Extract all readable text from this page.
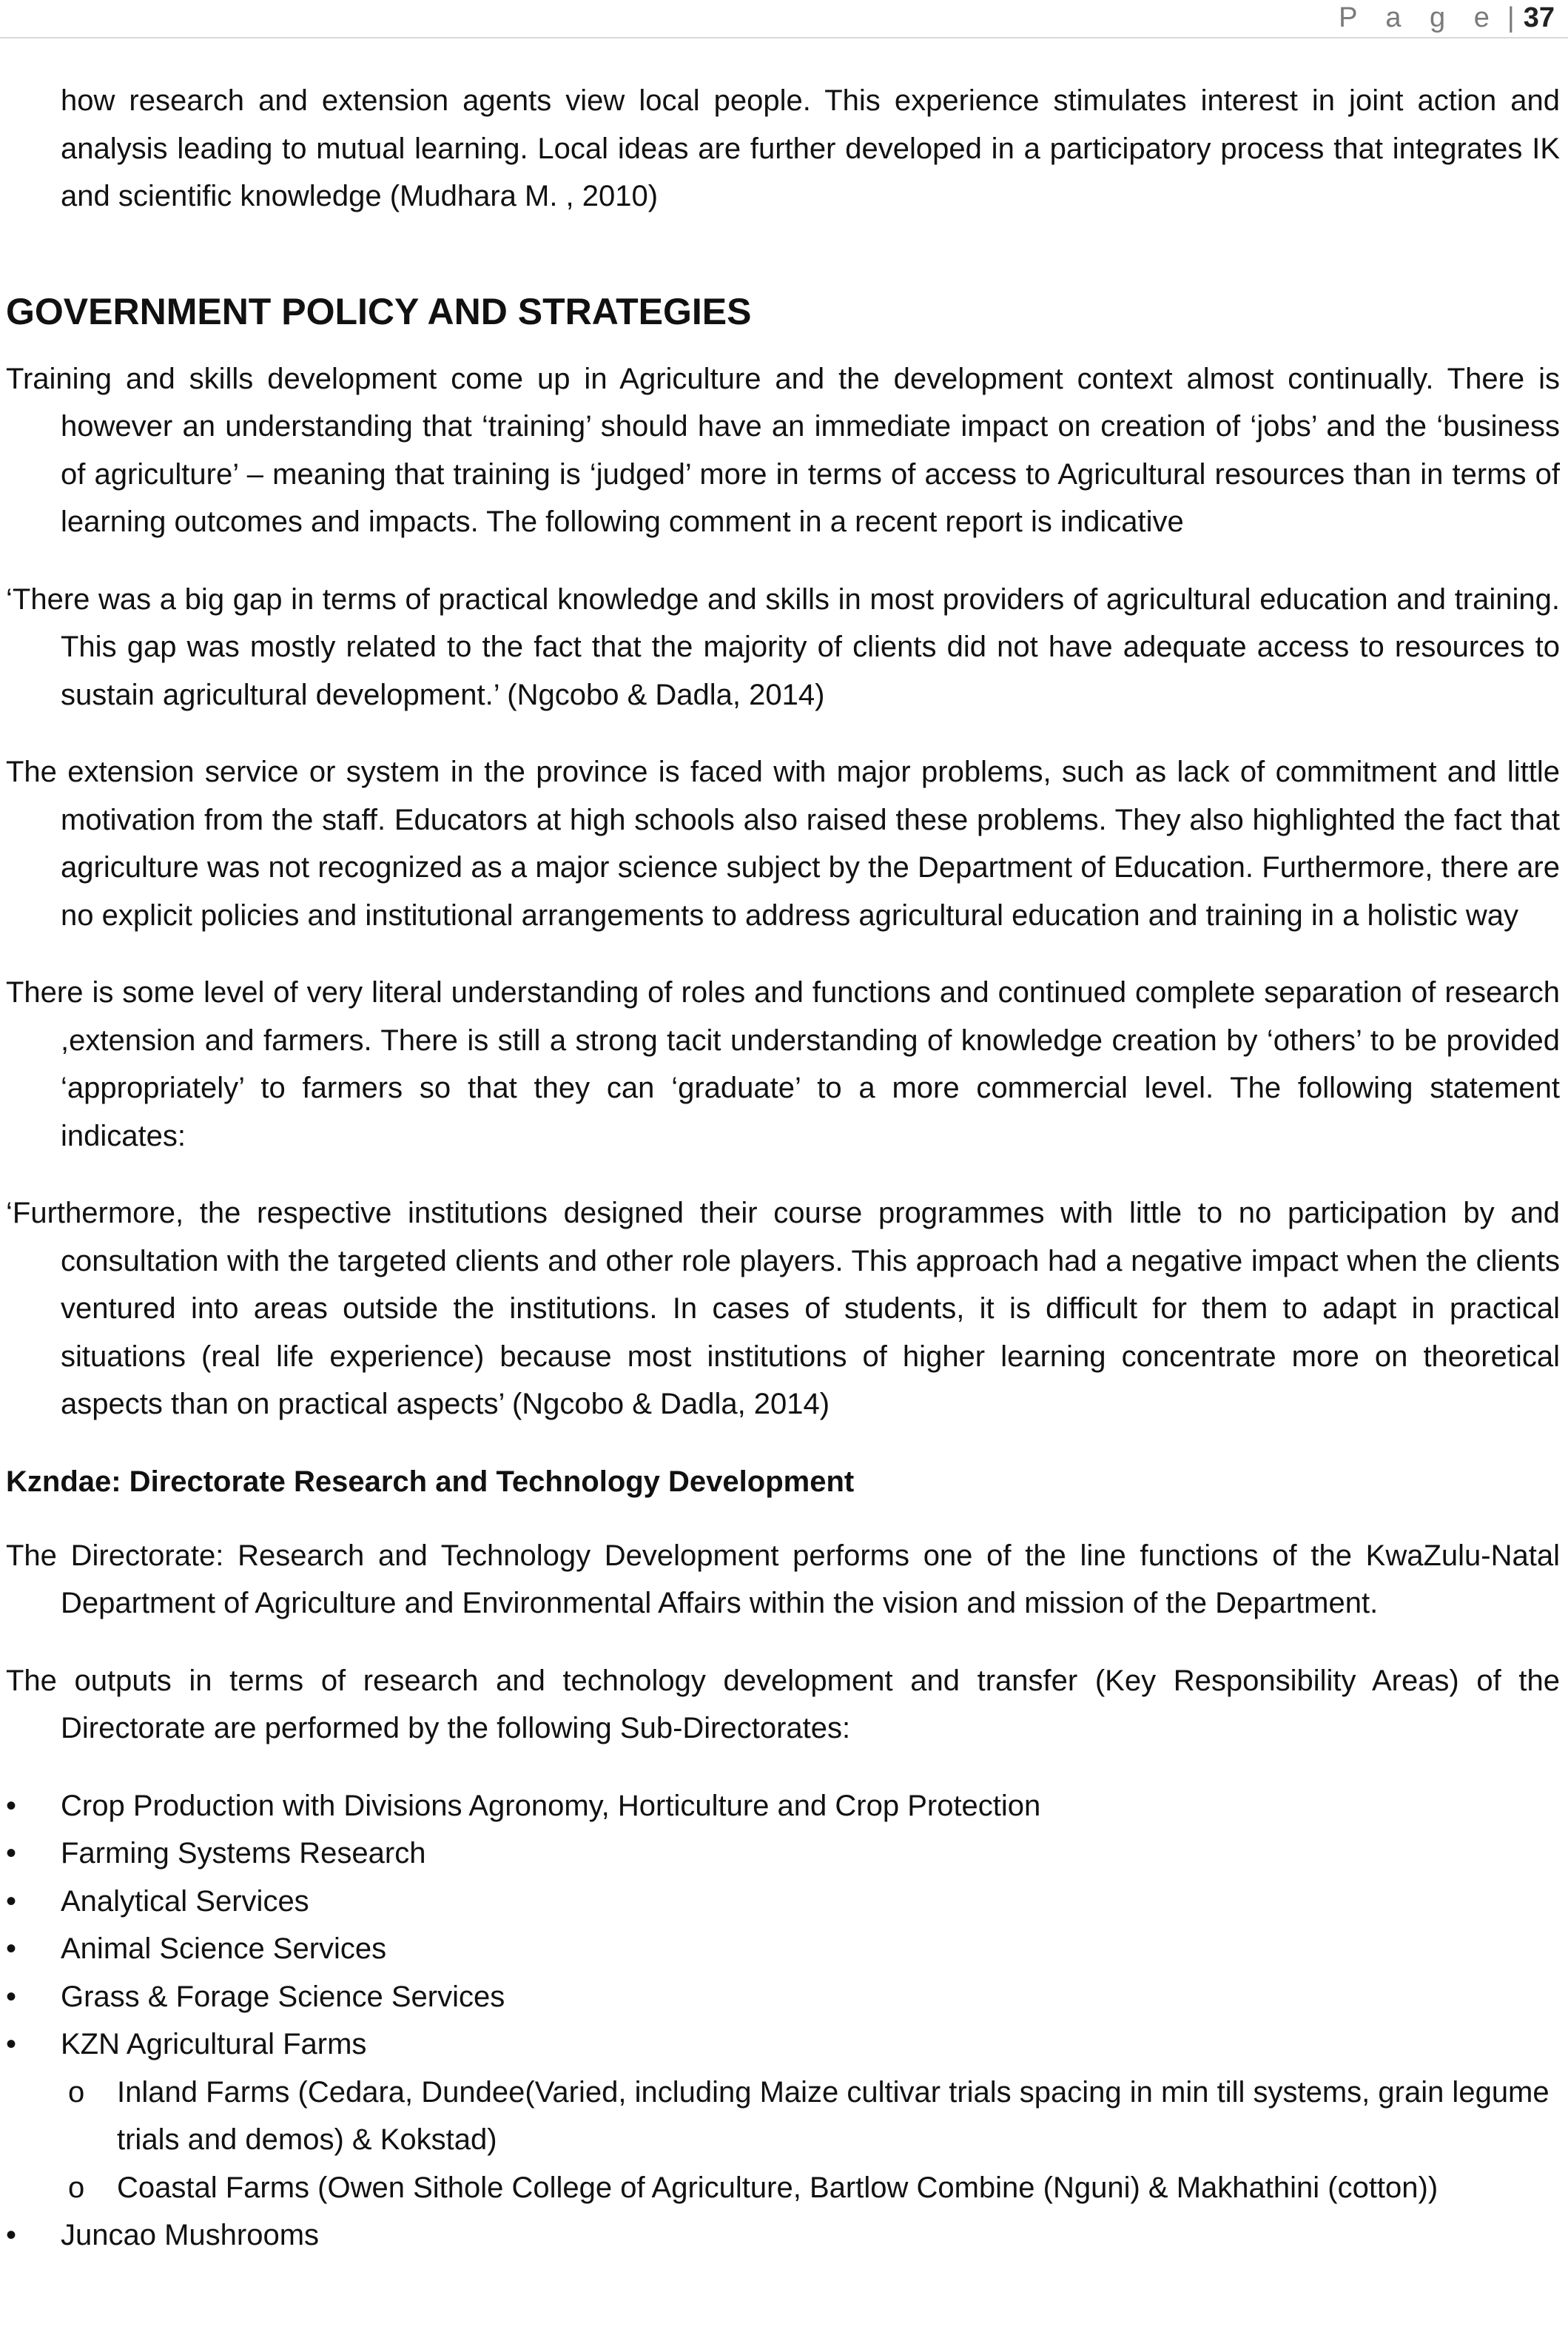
P a g e | 37

how research and extension agents view local people. This experience stimulates interest in joint action and analysis leading to mutual learning. Local ideas are further developed in a participatory process that integrates IK and scientific knowledge (Mudhara M. , 2010)

GOVERNMENT POLICY AND STRATEGIES

Training and skills development come up in Agriculture and the development context almost continually. There is however an understanding that ‘training’ should have an immediate impact on creation of ‘jobs’ and the ‘business of agriculture’ – meaning that training is ‘judged’ more in terms of access to Agricultural resources than in terms of learning outcomes and impacts. The following comment in a recent report is indicative

‘There was a big gap in terms of practical knowledge and skills in most providers of agricultural education and training. This gap was mostly related to the fact that the majority of clients did not have adequate access to resources to sustain agricultural development.’ (Ngcobo & Dadla, 2014)

The extension service or system in the province is faced with major problems, such as lack of commitment and little motivation from the staff. Educators at high schools also raised these problems. They also highlighted the fact that agriculture was not recognized as a major science subject by the Department of Education. Furthermore, there are no explicit policies and institutional arrangements to address agricultural education and training in a holistic way

There is some level of very literal understanding of roles and functions and continued complete separation of research ,extension and farmers. There is still a strong tacit understanding of knowledge creation by ‘others’ to be provided ‘appropriately’ to farmers so that they can ‘graduate’ to a more commercial level. The following statement indicates:

‘Furthermore, the respective institutions designed their course programmes with little to no participation by and consultation with the targeted clients and other role players. This approach had a negative impact when the clients ventured into areas outside the institutions. In cases of students, it is difficult for them to adapt in practical situations (real life experience) because most institutions of higher learning concentrate more on theoretical aspects than on practical aspects’ (Ngcobo & Dadla, 2014)

Kzndae: Directorate Research and Technology Development

The Directorate: Research and Technology Development performs one of the line functions of the KwaZulu-Natal Department of Agriculture and Environmental Affairs within the vision and mission of the Department.

The outputs in terms of research and technology development and transfer (Key Responsibility Areas) of the Directorate are performed by the following Sub-Directorates:

•	Crop Production with Divisions Agronomy, Horticulture and Crop Protection
•	Farming Systems Research
•	Analytical Services
•	Animal Science Services
•	Grass & Forage Science Services
•	KZN Agricultural Farms
o Inland Farms (Cedara, Dundee(Varied, including Maize cultivar trials spacing in min till systems, grain legume trials and demos) & Kokstad)
o Coastal Farms (Owen Sithole College of Agriculture, Bartlow Combine (Nguni) & Makhathini (cotton))
•	Juncao Mushrooms
